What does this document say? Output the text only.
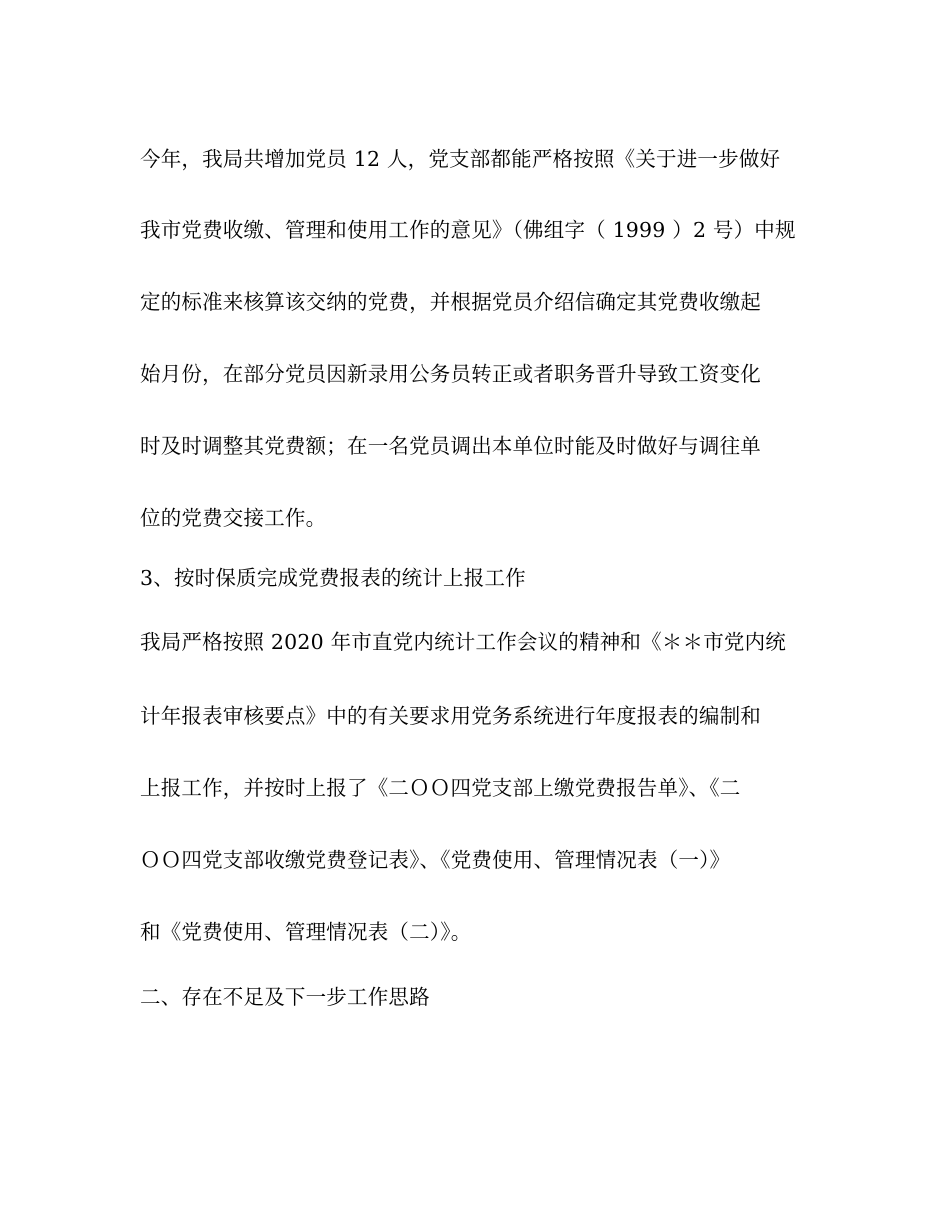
今年，我局共增加党员 12 人，党支部都能严格按照《关于进一步做好
我市党费收缴、管理和使用工作的意见》（佛组字（ 1999 ）2 号）中规
定的标准来核算该交纳的党费，并根据党员介绍信确定其党费收缴起
始月份，在部分党员因新录用公务员转正或者职务晋升导致工资变化
时及时调整其党费额；在一名党员调出本单位时能及时做好与调往单
位的党费交接工作。
3、按时保质完成党费报表的统计上报工作
我局严格按照 2020 年市直党内统计工作会议的精神和《＊＊市党内统
计年报表审核要点》中的有关要求用党务系统进行年度报表的编制和
上报工作，并按时上报了《二ＯＯ四党支部上缴党费报告单》、《二
ＯＯ四党支部收缴党费登记表》、《党费使用、管理情况表（一）》
和《党费使用、管理情况表（二）》。
二、存在不足及下一步工作思路
